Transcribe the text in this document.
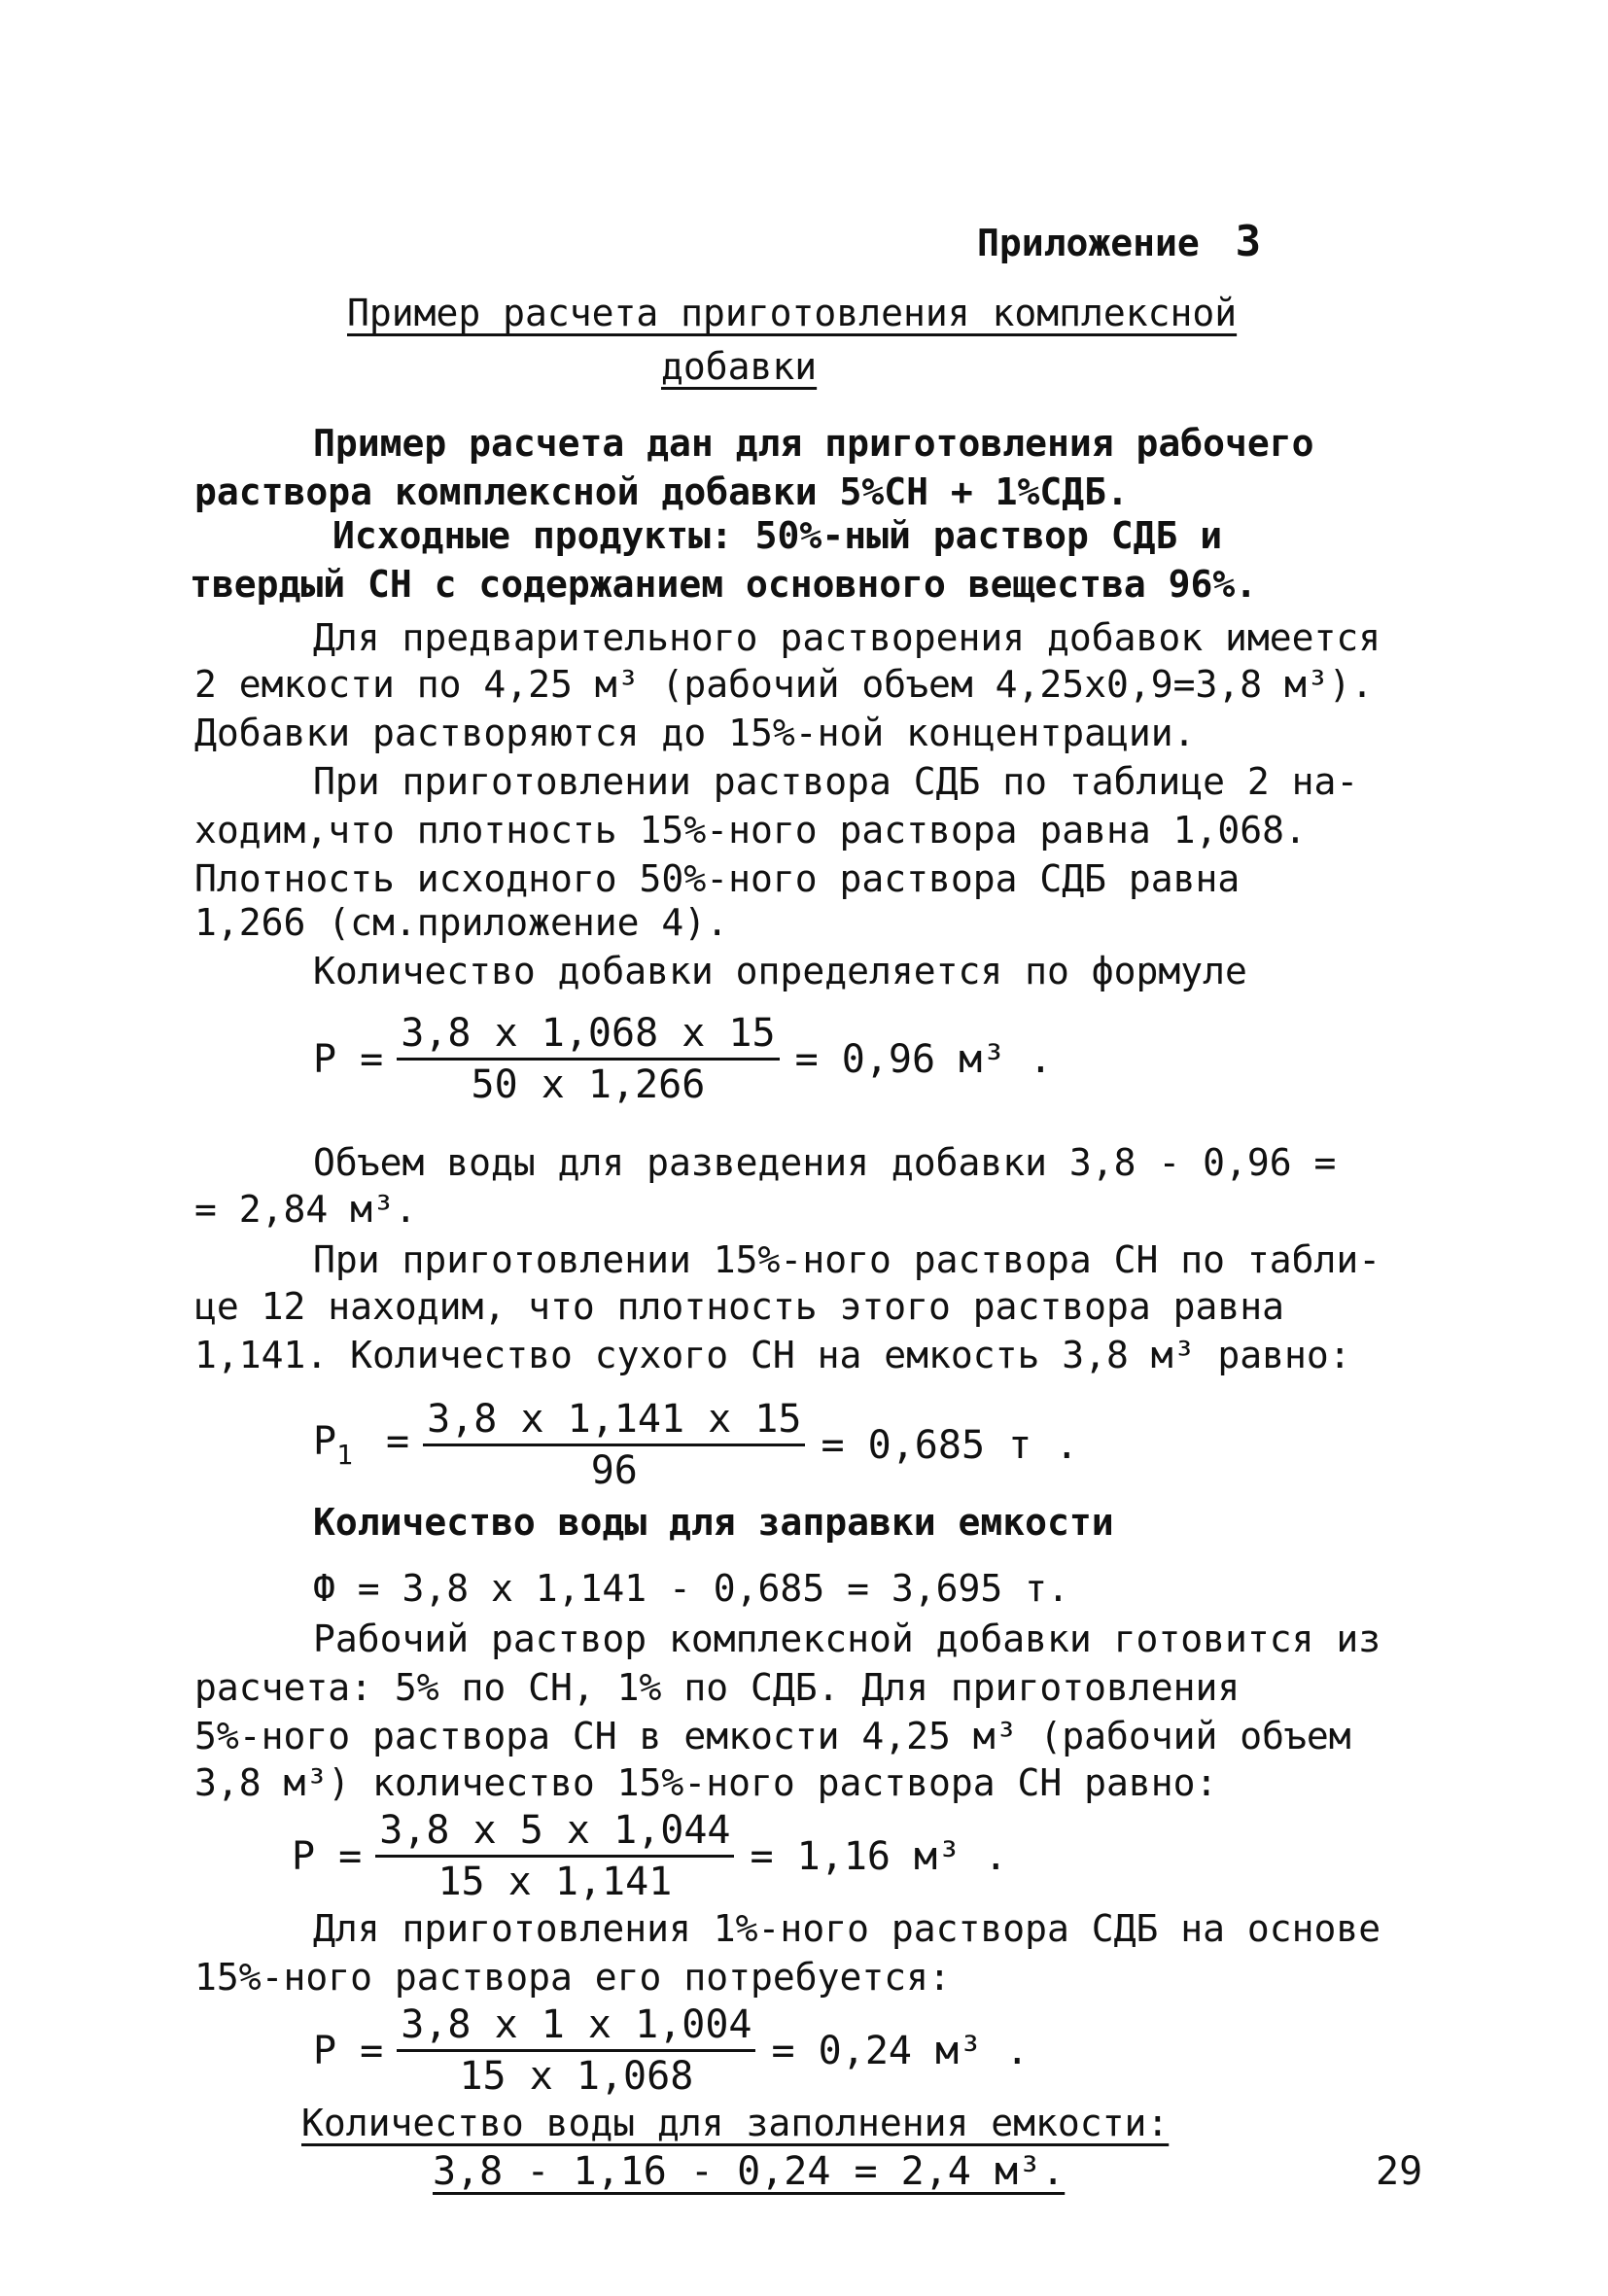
Приложение 3
Пример расчета приготовления комплексной
добавки
Пример расчета дан для приготовления рабочего
раствора комплексной добавки 5%СН + 1%СДБ.
Исходные продукты: 50%-ный раствор СДБ и
твердый СН с содержанием основного вещества 96%.
Для предварительного растворения добавок имеется
2 емкости по 4,25 м³ (рабочий объем 4,25х0,9=3,8 м³).
Добавки растворяются до 15%-ной концентрации.
При приготовлении раствора СДБ по таблице 2 на-
ходим,что плотность 15%-ного раствора равна 1,068.
Плотность исходного 50%-ного раствора СДБ равна
1,266 (см.приложение 4).
Количество добавки определяется по формуле
$Р = \frac{3,8 х 1,068 х 15}{50 х 1,266} = 0,96$ м³ .
Объем воды для разведения добавки 3,8 - 0,96 =
= 2,84 м³.
При приготовлении 15%-ного раствора СН по табли-
це 12 находим, что плотность этого раствора равна
1,141. Количество сухого СН на емкость 3,8 м³ равно:
$Р_1 = \frac{3,8 х 1,141 х 15}{96} = 0,685$ т .
Количество воды для заправки емкости
Ф = 3,8 х 1,141 - 0,685 = 3,695 т.
Рабочий раствор комплексной добавки готовится из
расчета: 5% по СН, 1% по СДБ. Для приготовления
5%-ного раствора СН в емкости 4,25 м³ (рабочий объем
3,8 м³) количество 15%-ного раствора СН равно:
$Р = \frac{3,8 х 5 х 1,044}{15 х 1,141} = 1,16$ м³ .
Для приготовления 1%-ного раствора СДБ на основе
15%-ного раствора его потребуется:
$Р = \frac{3,8 х 1 х 1,004}{15 х 1,068} = 0,24$ м³ .
Количество воды для заполнения емкости:
3,8 - 1,16 - 0,24 = 2,4 м³.	29
